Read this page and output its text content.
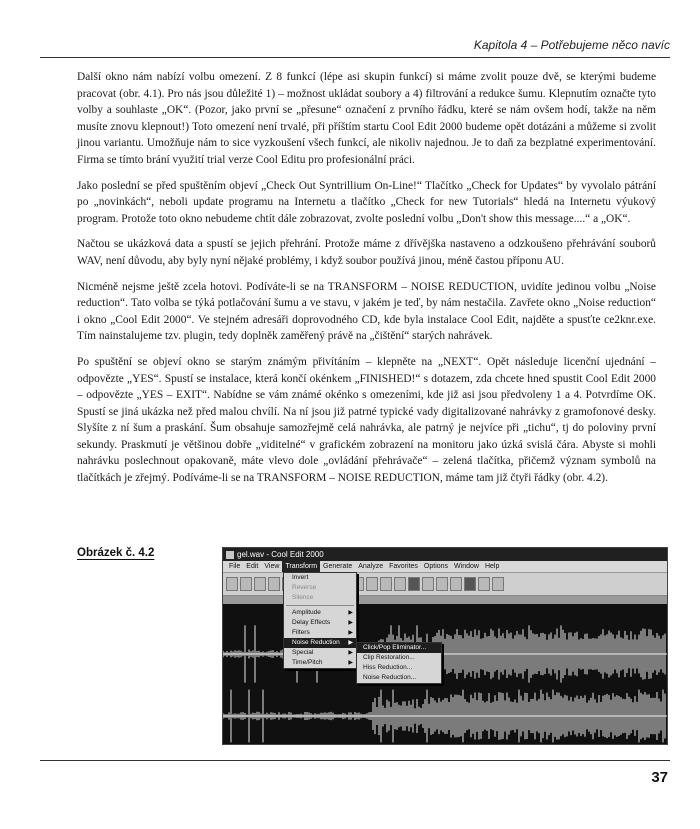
Kapitola 4 – Potřebujeme něco navíc

Další okno nám nabízí volbu omezení. Z 8 funkcí (lépe asi skupin funkcí) si máme zvolit pouze dvě, se kterými budeme pracovat (obr. 4.1). Pro nás jsou důležité 1) – možnost ukládat soubory a 4) filtrování a redukce šumu. Klepnutím označte tyto volby a souhlaste „OK“. (Pozor, jako první se „přesune“ označení z prvního řádku, které se nám ovšem hodí, takže na něm musíte znovu klepnout!) Toto omezení není trvalé, při příštím startu Cool Edit 2000 budeme opět dotázáni a můžeme si zvolit jinou variantu. Umožňuje nám to sice vyzkoušení všech funkcí, ale nikoliv najednou. Je to daň za bezplatné experimentování. Firma se tímto brání využití trial verze Cool Editu pro profesionální práci.

Jako poslední se před spuštěním objeví „Check Out Syntrillium On-Line!“ Tlačítko „Check for Updates“ by vyvolalo pátrání po „novinkách“, neboli update programu na Internetu a tlačítko „Check for new Tutorials“ hledá na Internetu výukový program. Protože toto okno nebudeme chtít dále zobrazovat, zvolte poslední volbu „Don't show this message....“ a „OK“.

Načtou se ukázková data a spustí se jejich přehrání. Protože máme z dřívějška nastaveno a odzkoušeno přehrávání souborů WAV, není důvodu, aby byly nyní nějaké problémy, i když soubor používá jinou, méně častou příponu AU.

Nicméně nejsme ještě zcela hotovi. Podíváte-li se na TRANSFORM – NOISE REDUCTION, uvidíte jedinou volbu „Noise reduction“. Tato volba se týká potlačování šumu a ve stavu, v jakém je teď, by nám nestačila. Zavřete okno „Noise reduction“ i okno „Cool Edit 2000“. Ve stejném adresáři doprovodného CD, kde byla instalace Cool Edit, najděte a spusťte ce2knr.exe. Tím nainstalujeme tzv. plugin, tedy doplněk zaměřený právě na „čištění“ starých nahrávek.

Po spuštění se objeví okno se starým známým přivítáním – klepněte na „NEXT“. Opět následuje licenční ujednání – odpovězte „YES“. Spustí se instalace, která končí okénkem „FINISHED!“ s dotazem, zda chcete hned spustit Cool Edit 2000 – odpovězte „YES – EXIT“. Nabídne se vám známé okénko s omezeními, kde již asi jsou předvoleny 1 a 4. Potvrdíme OK. Spustí se jiná ukázka než před malou chvílí. Na ní jsou již patrné typické vady digitalizované nahrávky z gramofonové desky. Slyšíte z ní šum a praskání. Šum obsahuje samozřejmě celá nahrávka, ale patrný je nejvíce při „tichu“, tj do poloviny první sekundy. Praskmutí je většinou dobře „viditelné“ v grafickém zobrazení na monitoru jako úzká svislá čára. Abyste si mohli nahrávku poslechnout opakovaně, máte vlevo dole „ovládání přehrávače“ – zelená tlačítka, přičemž význam symbolů na tlačítkách je zřejmý. Podíváme-li se na TRANSFORM – NOISE REDUCTION, máme tam již čtyři řádky (obr. 4.2).

Obrázek č. 4.2	gel.wav - Cool Edit 2000
File Edit View Transform Generate Analyze Favorites Options Window Help
Invert
Reverse
Silence
Amplitude	▶
Delay Effects	▶
Filters	▶
Noise Reduction ▶
Special	▶
Time/Pitch	▶
Click/Pop Eliminator...
Clip Restoration...
Hiss Reduction...
Noise Reduction...
37
